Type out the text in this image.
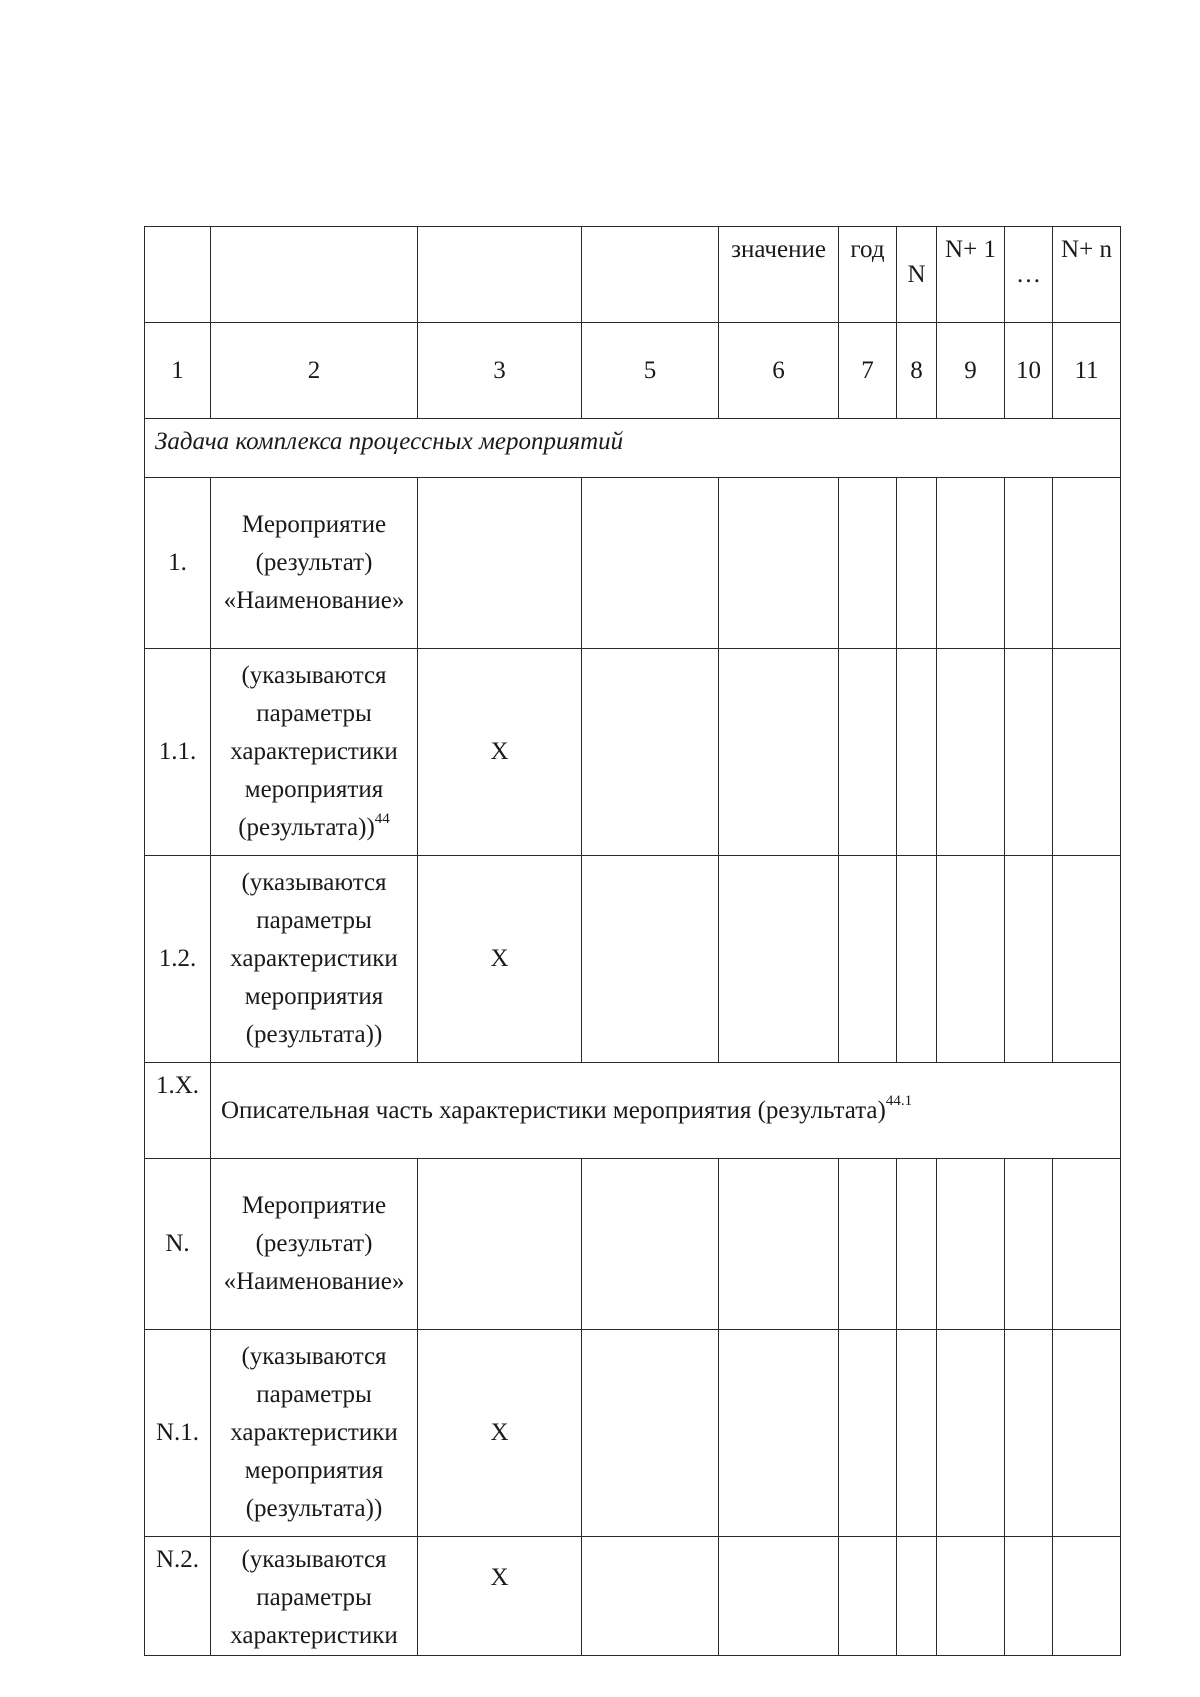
				значение	год	N	N+ 1	…	N+ n
1	2	3	5	6	7	8	9	10	11
Задача комплекса процессных мероприятий									
1.	Мероприятие (результат) «Наименование»								
1.1.	(указываются параметры характеристики мероприятия (результата))$^{44}$	X							
1.2.	(указываются параметры характеристики мероприятия (результата))	X							
1.X.	Описательная часть характеристики мероприятия (результата)$^{44.1}$
N.	Мероприятие (результат) «Наименование»								
N.1.	(указываются параметры характеристики мероприятия (результата))	X							
N.2.	(указываются параметры характеристики	X							
